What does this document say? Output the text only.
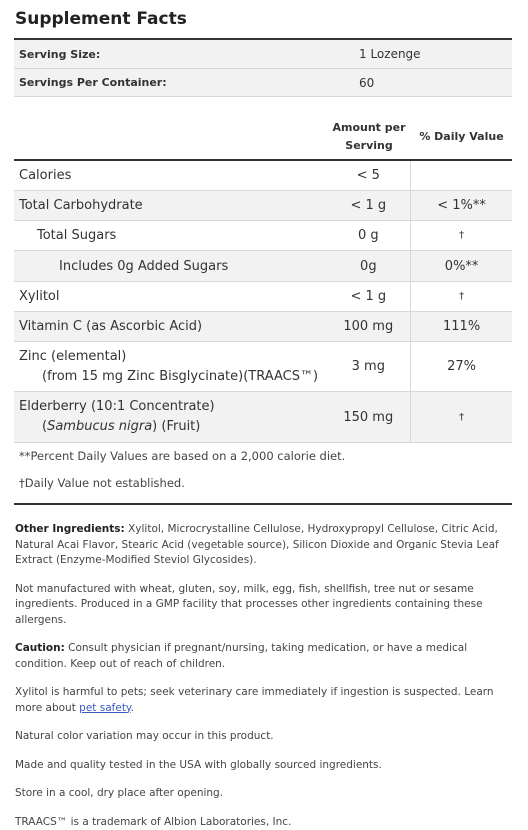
Supplement Facts
Serving Size:	1 Lozenge
Servings Per Container:	60
Amount per Serving
% Daily Value
Calories	< 5
Total Carbohydrate	< 1 g	< 1%**
Total Sugars	0 g	†
Includes 0g Added Sugars	0g	0%**
Xylitol	< 1 g	†
Vitamin C (as Ascorbic Acid)	100 mg	111%
Zinc (elemental)
(from 15 mg Zinc Bisglycinate)(TRAACS™)
3 mg	27%
Elderberry (10:1 Concentrate)
(Sambucus nigra) (Fruit)
150 mg	†

**Percent Daily Values are based on a 2,000 calorie diet.

†Daily Value not established.

Other Ingredients: Xylitol, Microcrystalline Cellulose, Hydroxypropyl Cellulose, Citric Acid, Natural Acai Flavor, Stearic Acid (vegetable source), Silicon Dioxide and Organic Stevia Leaf Extract (Enzyme-Modified Steviol Glycosides).

Not manufactured with wheat, gluten, soy, milk, egg, fish, shellfish, tree nut or sesame ingredients. Produced in a GMP facility that processes other ingredients containing these allergens.

Caution: Consult physician if pregnant/nursing, taking medication, or have a medical condition. Keep out of reach of children.

Xylitol is harmful to pets; seek veterinary care immediately if ingestion is suspected. Learn more about pet safety.

Natural color variation may occur in this product.

Made and quality tested in the USA with globally sourced ingredients.

Store in a cool, dry place after opening.

TRAACS™ is a trademark of Albion Laboratories, Inc.
